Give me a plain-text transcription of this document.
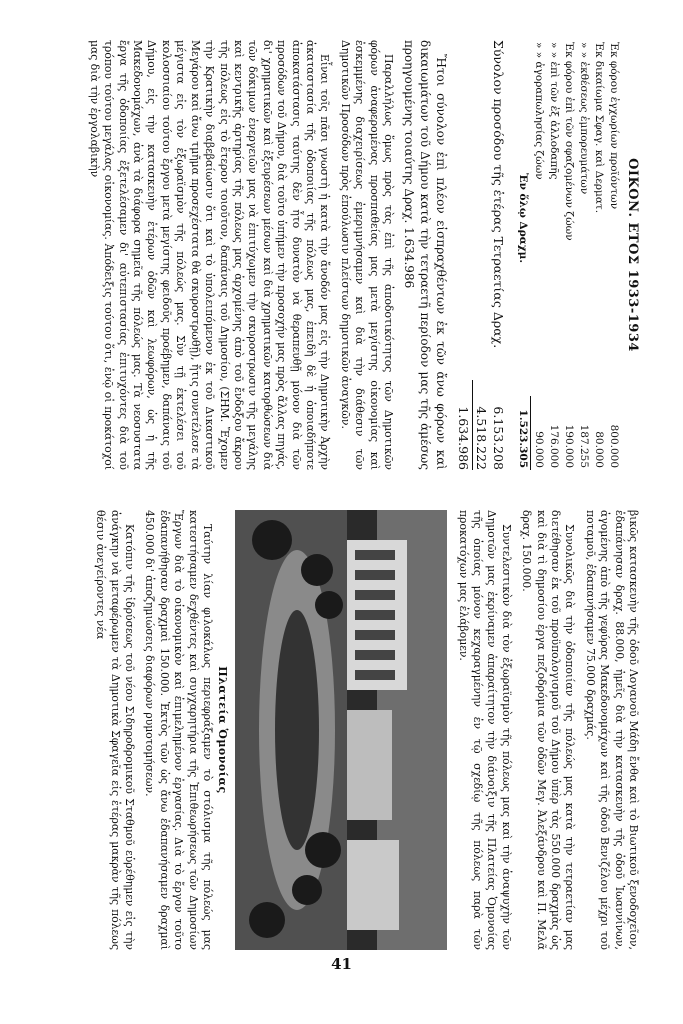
ΟΙΚΟΝ. ΕΤΟΣ 1933-1934
Ἐκ φόρου ἐγχωρίων προϊόντων	800.000
Ἐκ δικαίωμα Σφαγ. καὶ Δερματ.	80.000
» » ἐκθέσεως ἐμπορευμάτων	187.255
Ἐκ φόρου ἐπὶ τῶν σφαζομένων ζώων	190.000
» » ἐπὶ τῶν ἐξ ἀλλοδαπῆς	176.000
» » ἀγοραπωλησίας ζώων	90.000
Ἐν ὅλῳ Δραχμ.	1.523.305
Σύνολον προσόδου τῆς ἑτέρας Τετραετίας Δραχ.
6.153.208
4.518.222
1.634.986

Ἤτοι σύνολον ἐπὶ πλέον εἰσπραχθέντων ἐκ τῶν ἄνω φόρων καὶ δικαιωμάτων τοῦ Δήμου κατὰ τὴν τετραετῆ περίοδον μας τῆς ἀμέσως προηγουμένης τοιαύτης Δραχ. 1.634.986

Παραλλήλως ὅμως πρὸς τὰς ἐπὶ τῆς ἀποδοτικότητος τῶν Δημοτικῶν φόρων ἀναφερομένας προσπαθείας μας μετὰ μεγίστης οἰκονομίας καὶ ἐσκεμμένης διαχειρίσεως ἐμεριμνήσαμεν καὶ διὰ τὴν διάθεσιν τῶν Δημοτικῶν Προσόδων πρὸς ἐπούλωσιν πλείστων δημοτικῶν ἀναγκῶν.

Εἶναι τοῖς πᾶσι γνωστὴ ἡ κατὰ τὴν ἄνοδόν μας εἰς τὴν Δημοτικὴν Ἀρχὴν ἀκαταστασία τῆς ὁδοποιίας τῆς πόλεως μας, ἐπειδὴ δὲ ἡ ὁποιαδήποτε ἀποκατάστασις ταύτης δὲν ἦτο δυνατὸν νὰ θεραπευθῇ μόνον διὰ τῶν προσόδων τοῦ Δήμου, διὰ τοῦτο ὑπήμεν τὴν προσοχήν μας πρὸς ἄλλας πηγάς, δι' χρηματικῶν καὶ ἐξευρέσεων μέσων καὶ διὰ χρηματικῶν κατορθώσεων διὰ τῶν δόκιμων ἐνεργειῶν μας νὰ ἐπιτύχωμεν τὴν σκυροστρωσιν τῆς μεγάλης καὶ κεντρικῆς ἀρτηρίας τῆς πόλεως μας ἀρχομένης ἀπὸ τοῦ ἔνδοξου ἄκρου τῆς πόλεως εἰς τὸ ἕτερον τοιοῦτον, δαπάναις τοῦ Δημοσίου, (ΣΗΜ. Ἔχομεν τὴν Κρατικὴν διαβεβαίωσιν ὅτι καὶ τὸ ὑπολειπόμενον ἐκ τοῦ Δικαστικοῦ Μεγάρου καὶ ἄνω τμῆμα προσεχέστατα θὰ σκυροστρωθῇ), ἥτις συνετέλεσε τὰ μέγιστα εἰς τὸν ἐξωραϊσμὸν τῆς πόλεώς μας. Σὺν τῇ ἐκτελέσει τοῦ κολοσσιαίου τούτου ἔργου μετὰ μεγίστης φειδοῦς προέβημεν, δαπάναις τοῦ Δήμου, εἰς τὴν κατασκευὴν ἑτέρων ὁδῶν καὶ λεωφόρων, ὡς ἡ τῆς Μακεδονομάχων, ἀνὰ τὰ διάφορα σημεῖα τῆς πόλεώς μας. Τὰ νεοσυστατα ἔργα τῆς ὁδοποιίας ἐξετελέσαμεν δι' αὐτεπιστασίας ἐπιτυχόντες διὰ τοῦ τρόπου τούτου μεγάλας οἰκονομίας. Ἀπόδειξις τούτου ὅτι, ἐνῷ οἱ προκάτοχοί μας διὰ τὴν ἐργολαβικὴν

βικῶς κατασκευὴν τῆς ὁδοῦ Λογανοῦ Μάδη ἔνθα καὶ τὸ Βιωτικοῦ ξενοδοχεῖον, ἐδαπάνησαν δραχ. 88.000, ἡμεῖς διὰ τὴν κατασκευὴν τῆς ὁδοῦ Ἰωαννίνων, ἀγομένης ἀπὸ τῆς γεφύρας Μακεδονομάχων καὶ τῆς ὁδοῦ Βενιζέλου μέχρι τοῦ ποταμοῦ, ἐδαπανήσαμεν 75.000 δραχμάς.

Συνολικῶς διὰ τὴν ὁδοποιίαν τῆς πόλεώς μας κατὰ τὴν τετραετίαν μας διετέθησαν ἐκ τοῦ προϋπολογισμοῦ τοῦ Δήμου ὑπὲρ τὰς 550.000 δραχμὰς ὡς καὶ διὰ τὶ δημοσίου ἐργα πεζοδρόμια τῶν ὁδῶν Μεγ. Ἀλεξάνδρου καὶ Π. Μελᾶ δραχ. 150.000.

Συντελεστικὸν διὰ τὸν ἐξωραϊσμὸν τῆς πόλεως μας καὶ τὴν ἀναψυχὴν τῶν Δημοτῶν μας ἐκρίναμεν ἀπαραίτητον τὴν διάνοιξιν τῆς Πλατείας Ὁμονοίας τῆς ὁποίας μόνον κεχαραγμένην ἐν τῷ σχεδίῳ τῆς πόλεως παρὰ τῶν προκατόχων μας ἐλάβομεν.

Πλατεία Ὁμονοίας

Ταύτην λίαν φιλοκάλως περιεφράξαμεν τὸ στόλισμα τῆς πόλεώς μας κατεστήσαμεν δεχθέντες καὶ συγχαρητήρια τῆς Ἐπιθεωρήσεως τῶν Δημοσίων Ἔργων διὰ τὸ οἰκονομικὸν καὶ ἐπιμελημένον ἐργασίας. Διὰ τὸ ἔργον τοῦτο ἐδαπανήθησαν δραχμαὶ 150.000. Ἐκτὸς τῶν ὡς ἄνω ἐδαπανήσαμεν δραχμαὶ 450.000 δι' ἀποζημιώσεις διαφόρων ρυμοτομήσεων.

Κατόπιν τῆς ἱδρύσεως τοῦ νέου Σιδηροδρομικοῦ Σταθμοῦ εὑρέθημεν εἰς τὴν ἀνάγκην νὰ μεταφέρωμεν τὰ Δημοτικὰ Σφαγεῖα εἰς ἑτέρας μακρὰν τῆς πόλεως θέσιν ἀνεγείροντες νέα

41
